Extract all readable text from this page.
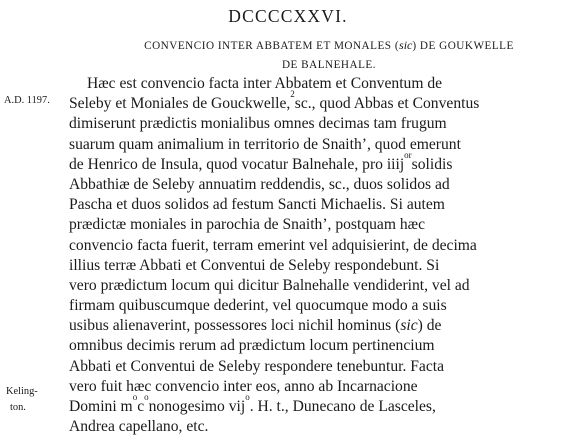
DCCCCXXVI.
CONVENCIO INTER ABBATEM ET MONALES (sic) DE GOUKWELLE
DE BALNEHALE.
A.D. 1197.
Keling-
ton.
Hæc est convencio facta inter Abbatem et Conventum de
Seleby et Moniales de Gouckwelle,
2
sc., quod Abbas et Conventus
dimiserunt prædictis monialibus omnes decimas tam frugum
suarum quam animalium in territorio de Snaith’, quod emerunt
de Henrico de Insula, quod vocatur Balnehale, pro iiij
or
solidis
Abbathiæ de Seleby annuatim reddendis, sc., duos solidos ad
Pascha et duos solidos ad festum Sancti Michaelis. Si autem
prædictæ moniales in parochia de Snaith’, postquam hæc
convencio facta fuerit, terram emerint vel adquisierint, de decima
illius terræ Abbati et Conventui de Seleby respondebunt. Si
vero prædictum locum qui dicitur Balnehalle vendiderint, vel ad
firmam quibuscumque dederint, vel quocumque modo a suis
usibus alienaverint, possessores loci nichil hominus ( sic ) de
omnibus decimis rerum ad prædictum locum pertinencium
Abbati et Conventui de Seleby respondere tenebuntur. Facta
vero fuit hæc convencio inter eos, anno ab Incarnacione
Domini m
o
c
o
nonogesimo vij
o
. H. t., Dunecano de Lasceles,
Andrea capellano, etc.
